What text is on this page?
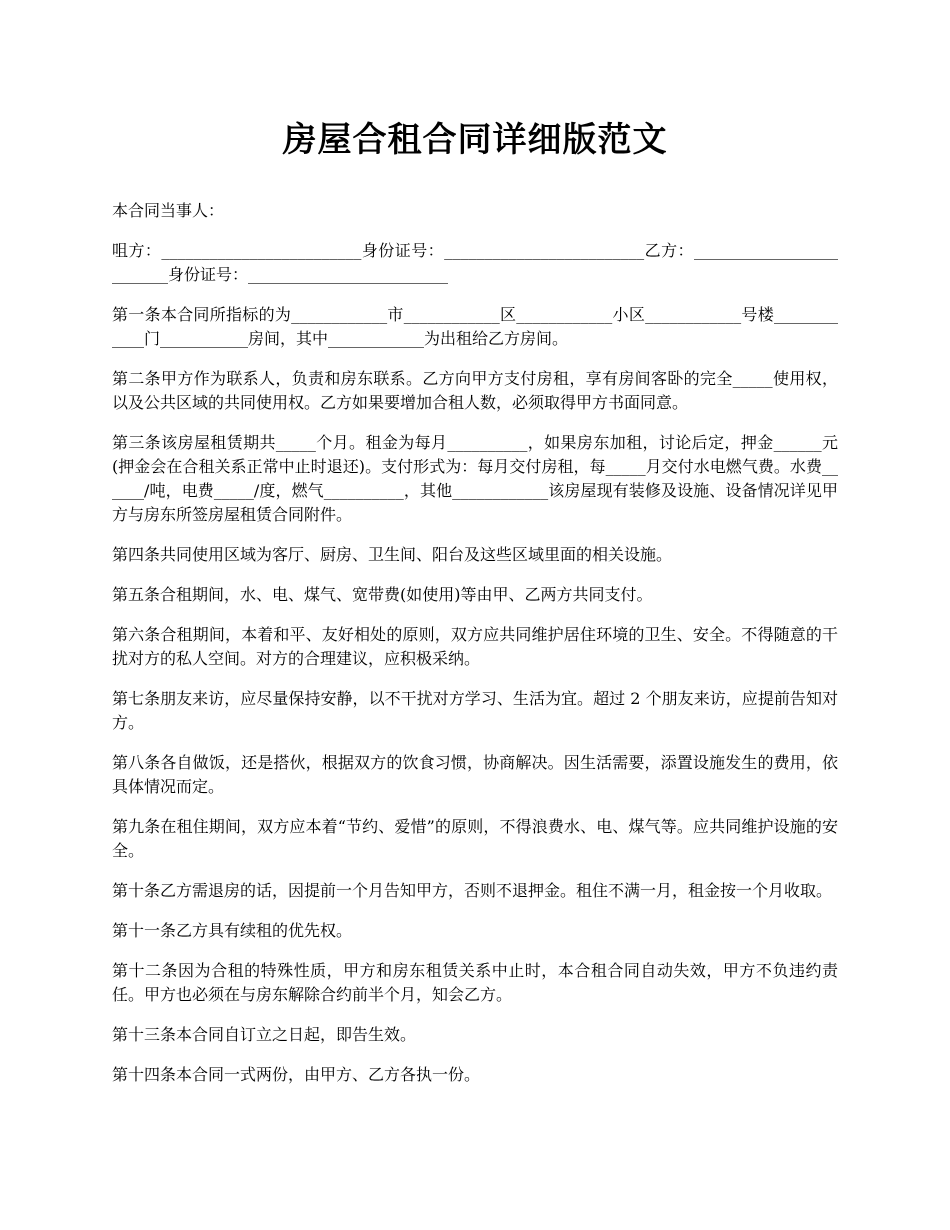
房屋合租合同详细版范文

本合同当事人：

咀方：_________________________身份证号：_________________________乙方：_________________________身份证号：_________________________

第一条本合同所指标的为____________市____________区____________小区____________号楼____________门___________房间，其中____________为出租给乙方房间。

第二条甲方作为联系人，负责和房东联系。乙方向甲方支付房租，享有房间客卧的完全_____使用权，以及公共区域的共同使用权。乙方如果要增加合租人数，必须取得甲方书面同意。

第三条该房屋租赁期共_____个月。租金为每月__________，如果房东加租，讨论后定，押金______元(押金会在合租关系正常中止时退还)。支付形式为：每月交付房租，每_____月交付水电燃气费。水费______/吨，电费_____/度，燃气__________，其他____________该房屋现有装修及设施、设备情况详见甲方与房东所签房屋租赁合同附件。

第四条共同使用区域为客厅、厨房、卫生间、阳台及这些区域里面的相关设施。

第五条合租期间，水、电、煤气、宽带费(如使用)等由甲、乙两方共同支付。

第六条合租期间，本着和平、友好相处的原则，双方应共同维护居住环境的卫生、安全。不得随意的干扰对方的私人空间。对方的合理建议，应积极采纳。

第七条朋友来访，应尽量保持安静，以不干扰对方学习、生活为宜。超过 2 个朋友来访，应提前告知对方。

第八条各自做饭，还是搭伙，根据双方的饮食习惯，协商解决。因生活需要，添置设施发生的费用，依具体情况而定。

第九条在租住期间，双方应本着“节约、爱惜”的原则，不得浪费水、电、煤气等。应共同维护设施的安全。

第十条乙方需退房的话，因提前一个月告知甲方，否则不退押金。租住不满一月，租金按一个月收取。

第十一条乙方具有续租的优先权。

第十二条因为合租的特殊性质，甲方和房东租赁关系中止时，本合租合同自动失效，甲方不负违约责任。甲方也必须在与房东解除合约前半个月，知会乙方。

第十三条本合同自订立之日起，即告生效。

第十四条本合同一式两份，由甲方、乙方各执一份。
